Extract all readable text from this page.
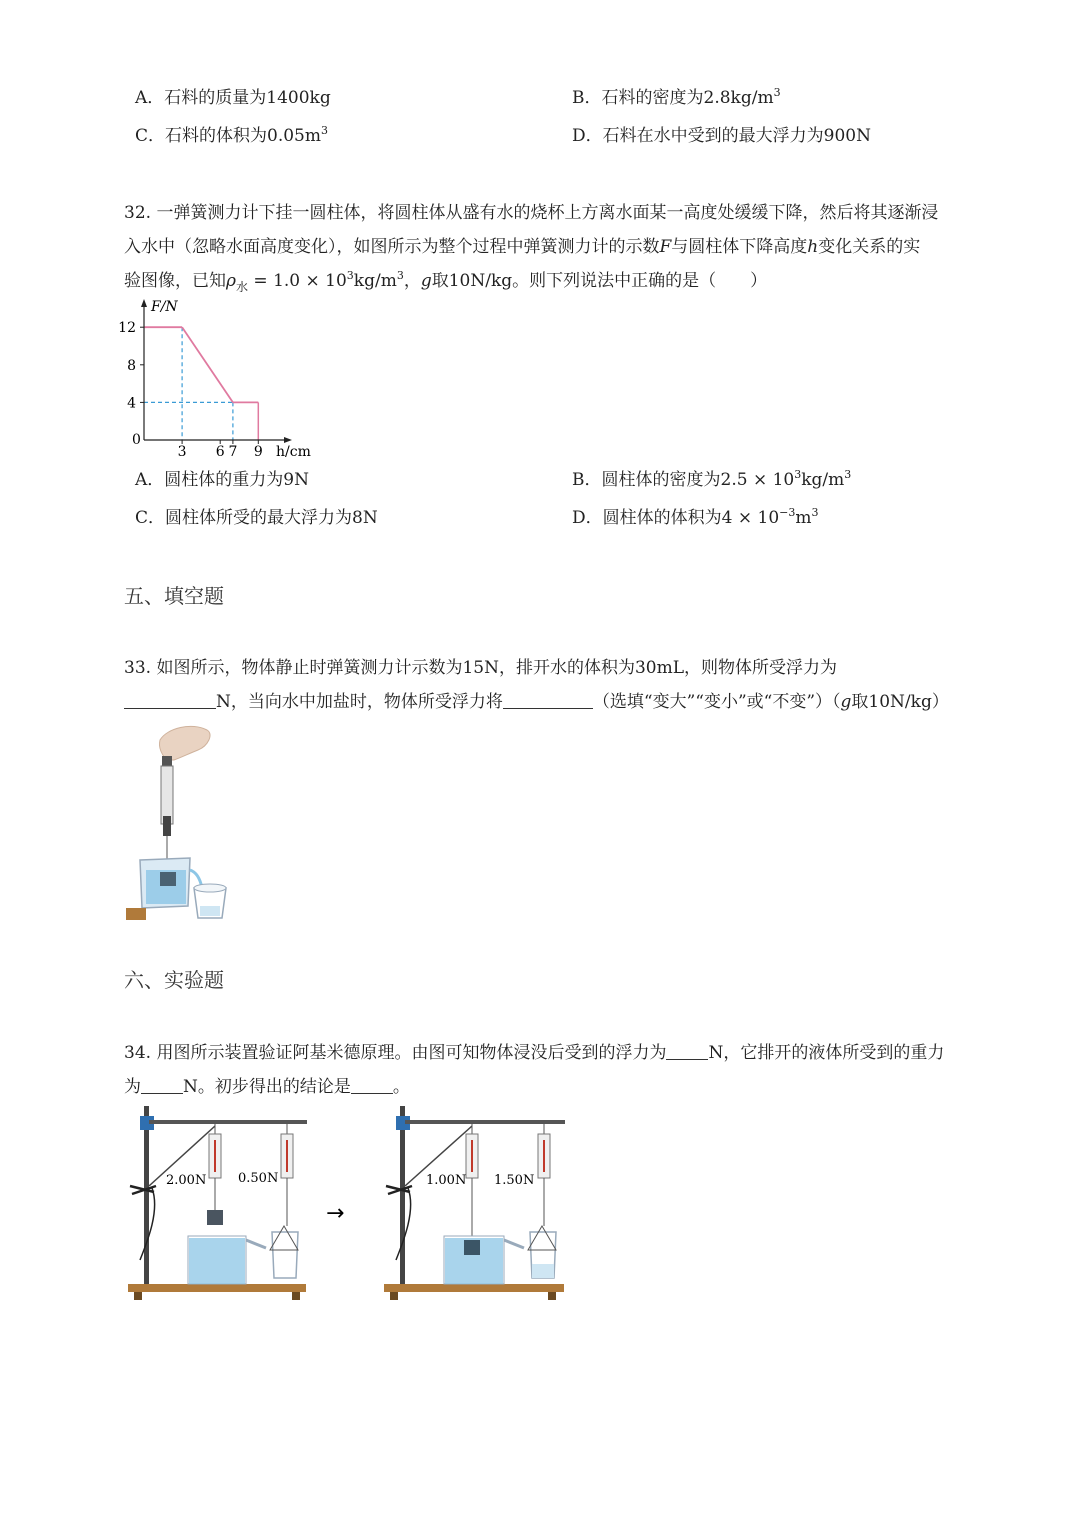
A．石料的质量为1400kg	B．石料的密度为$2.8kg/m^3$
C．石料的体积为$0.05m^3$	D．石料在水中受到的最大浮力为900N
32. 一弹簧测力计下挂一圆柱体，将圆柱体从盛有水的烧杯上方离水面某一高度处缓缓下降，然后将其逐渐浸
入水中（忽略水面高度变化），如图所示为整个过程中弹簧测力计的示数F与圆柱体下降高度h变化关系的实
验图像，已知$\rho_水 = 1.0 \times 10^3kg/m^3$，g取10N/kg。则下列说法中正确的是（　　）
F/N
h/cm
0
4
8
12
3 6 7 9
A．圆柱体的重力为9N	B．圆柱体的密度为$2.5 \times 10^3kg/m^3$
C．圆柱体所受的最大浮力为8N	D．圆柱体的体积为$4 \times 10^{-3}m^3$
五、填空题
33. 如图所示，物体静止时弹簧测力计示数为15N，排开水的体积为30mL，则物体所受浮力为
N，当向水中加盐时，物体所受浮力将	（选填“变大”“变小”或“不变”）（g取10N/kg）
六、实验题
34. 用图所示装置验证阿基米德原理。由图可知物体浸没后受到的浮力为 N，它排开的液体所受到的重力
为 N。初步得出的结论是 。
2.00N 0.50N
→
1.00N 1.50N
